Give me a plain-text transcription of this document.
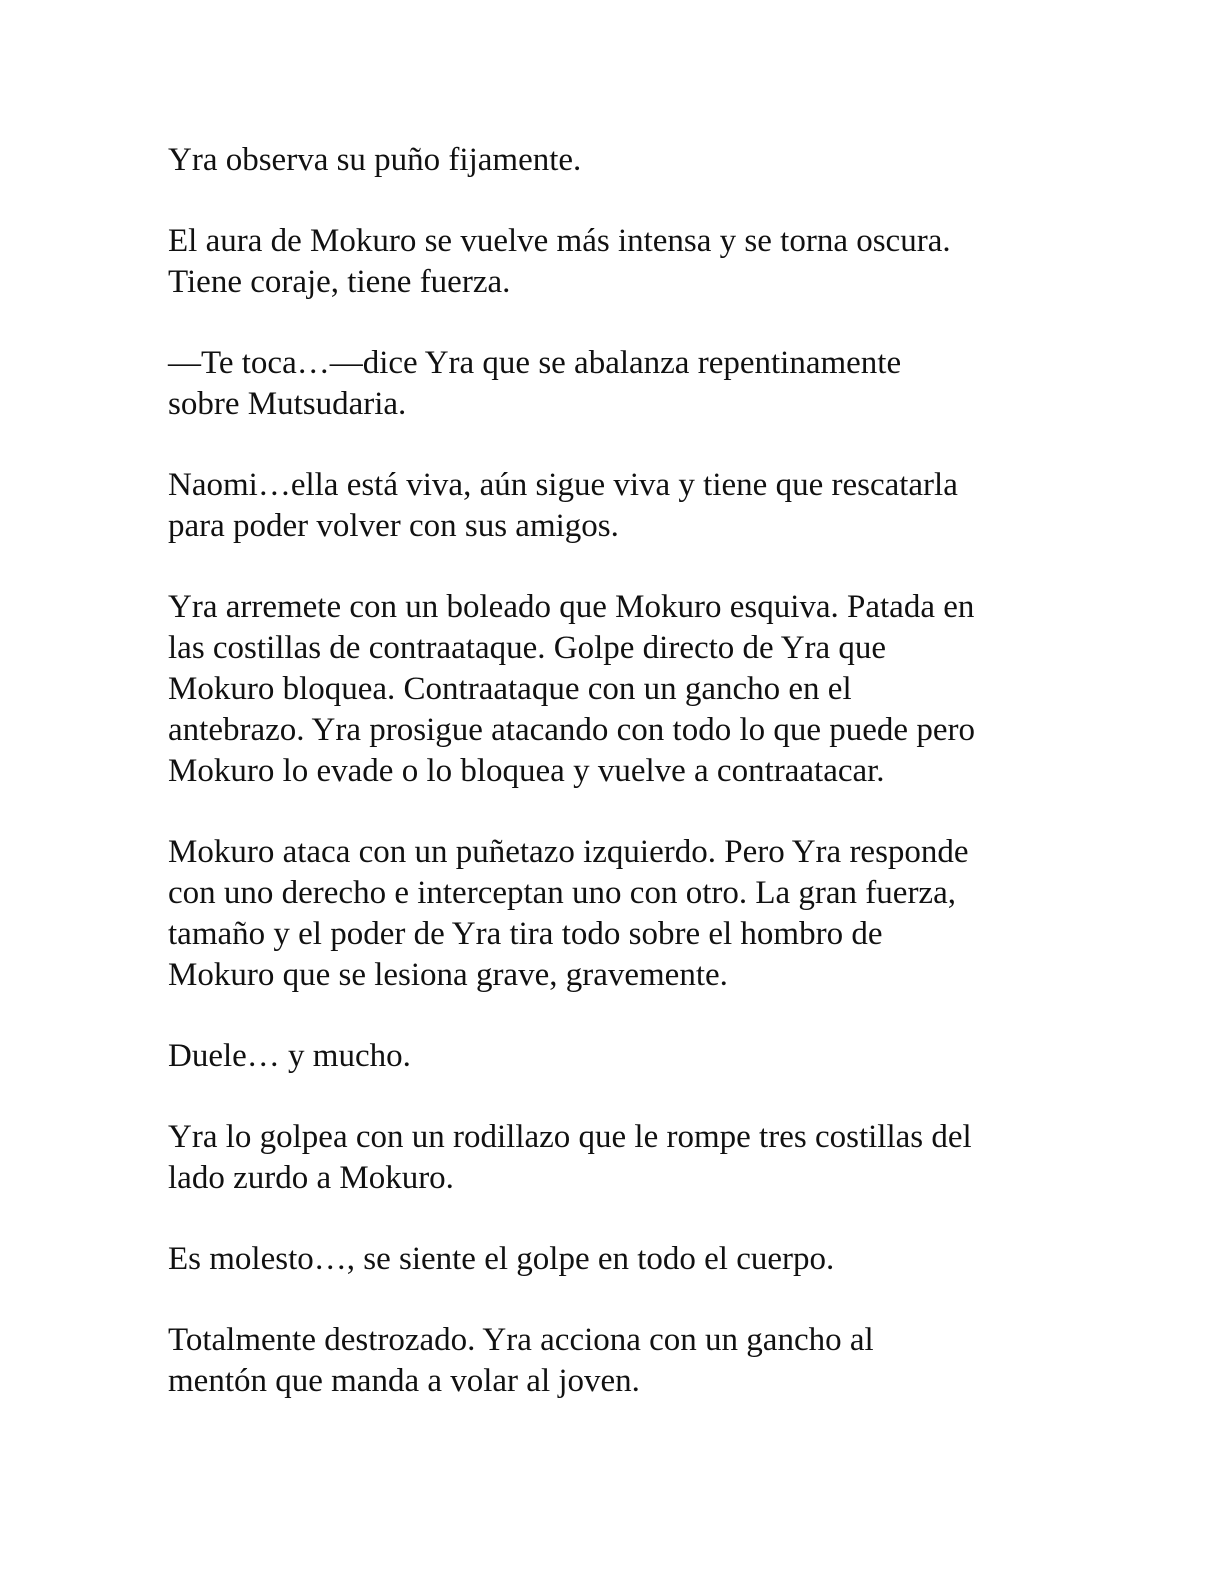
Yra observa su puño fijamente.

El aura de Mokuro se vuelve más intensa y se torna oscura.
Tiene coraje, tiene fuerza.

—Te toca…—dice Yra que se abalanza repentinamente
sobre Mutsudaria.

Naomi…ella está viva, aún sigue viva y tiene que rescatarla
para poder volver con sus amigos.

Yra arremete con un boleado que Mokuro esquiva. Patada en
las costillas de contraataque. Golpe directo de Yra que
Mokuro bloquea. Contraataque con un gancho en el
antebrazo. Yra prosigue atacando con todo lo que puede pero
Mokuro lo evade o lo bloquea y vuelve a contraatacar.

Mokuro ataca con un puñetazo izquierdo. Pero Yra responde
con uno derecho e interceptan uno con otro. La gran fuerza,
tamaño y el poder de Yra tira todo sobre el hombro de
Mokuro que se lesiona grave, gravemente.

Duele… y mucho.

Yra lo golpea con un rodillazo que le rompe tres costillas del
lado zurdo a Mokuro.

Es molesto…, se siente el golpe en todo el cuerpo.

Totalmente destrozado. Yra acciona con un gancho al
mentón que manda a volar al joven.
